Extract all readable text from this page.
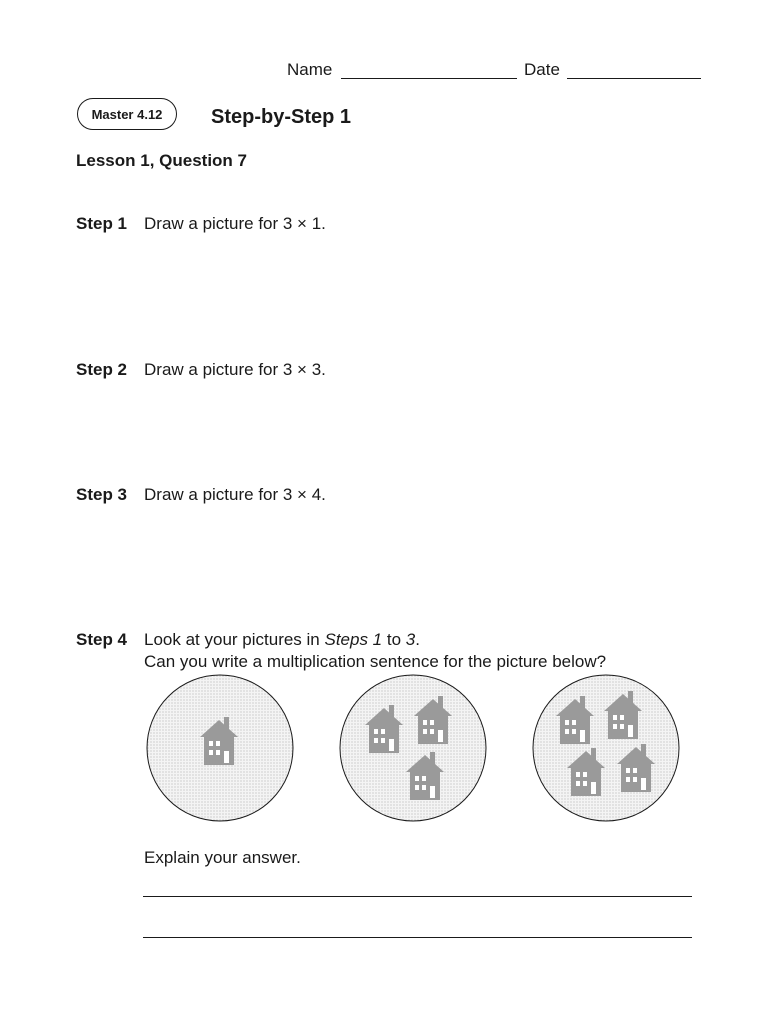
Name	Date
Master 4.12	Step-by-Step 1
Lesson 1, Question 7
Step 1 Draw a picture for 3 × 1.
Step 2 Draw a picture for 3 × 3.
Step 3 Draw a picture for 3 × 4.
Step 4 Look at your pictures in Steps 1 to 3.
Can you write a multiplication sentence for the picture below?
Explain your answer.
